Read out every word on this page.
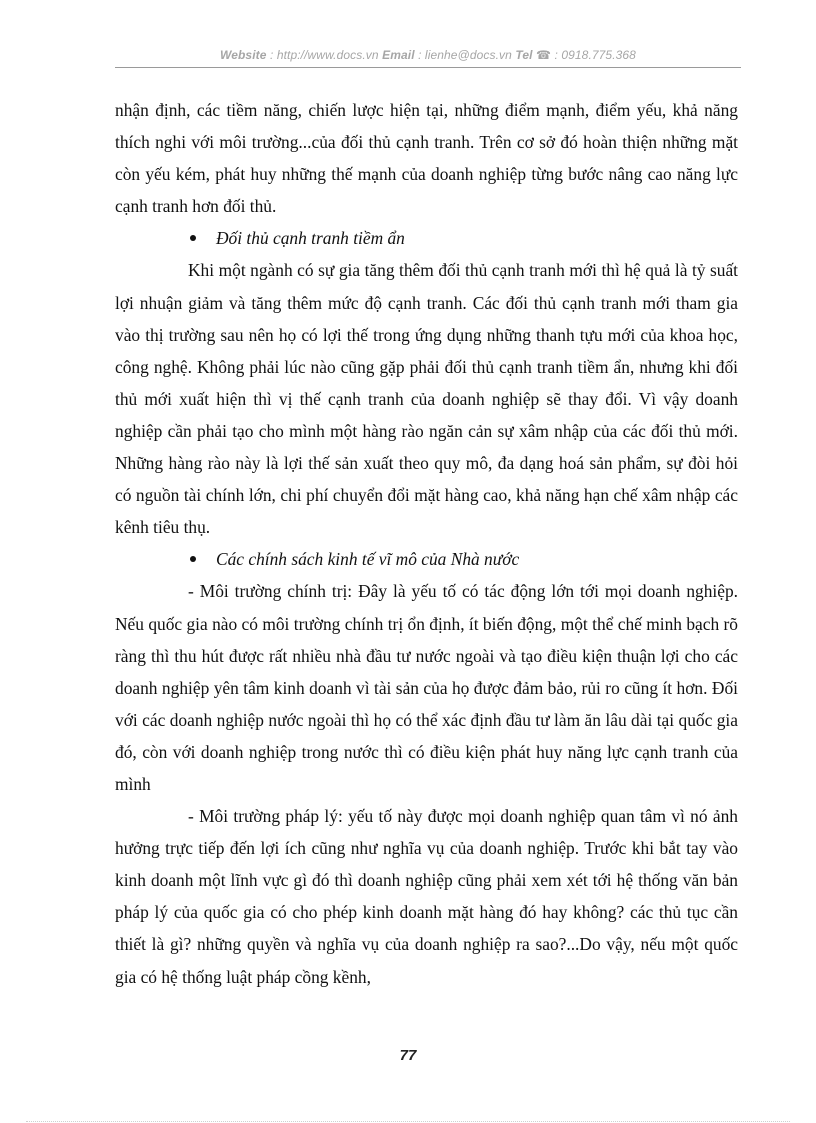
Website : http://www.docs.vn Email : lienhe@docs.vn Tel ☎ : 0918.775.368

nhận định, các tiềm năng, chiến lược hiện tại, những điểm mạnh, điểm yếu, khả năng thích nghi với môi trường...của đối thủ cạnh tranh. Trên cơ sở đó hoàn thiện những mặt còn yếu kém, phát huy những thế mạnh của doanh nghiệp từng bước nâng cao năng lực cạnh tranh hơn đối thủ.

Đối thủ cạnh tranh tiềm ẩn

Khi một ngành có sự gia tăng thêm đối thủ cạnh tranh mới thì hệ quả là tỷ suất lợi nhuận giảm và tăng thêm mức độ cạnh tranh. Các đối thủ cạnh tranh mới tham gia vào thị trường sau nên họ có lợi thế trong ứng dụng những thanh tựu mới của khoa học, công nghệ. Không phải lúc nào cũng gặp phải đối thủ cạnh tranh tiềm ẩn, nhưng khi đối thủ mới xuất hiện thì vị thế cạnh tranh của doanh nghiệp sẽ thay đổi. Vì vậy doanh nghiệp cần phải tạo cho mình một hàng rào ngăn cản sự xâm nhập của các đối thủ mới. Những hàng rào này là lợi thế sản xuất theo quy mô, đa dạng hoá sản phẩm, sự đòi hỏi có nguồn tài chính lớn, chi phí chuyển đổi mặt hàng cao, khả năng hạn chế xâm nhập các kênh tiêu thụ.

Các chính sách kinh tế vĩ mô của Nhà nước

- Môi trường chính trị: Đây là yếu tố có tác động lớn tới mọi doanh nghiệp. Nếu quốc gia nào có môi trường chính trị ổn định, ít biến động, một thể chế minh bạch rõ ràng thì thu hút được rất nhiều nhà đầu tư nước ngoài và tạo điều kiện thuận lợi cho các doanh nghiệp yên tâm kinh doanh vì tài sản của họ được đảm bảo, rủi ro cũng ít hơn. Đối với các doanh nghiệp nước ngoài thì họ có thể xác định đầu tư làm ăn lâu dài tại quốc gia đó, còn với doanh nghiệp trong nước thì có điều kiện phát huy năng lực cạnh tranh của mình

- Môi trường pháp lý: yếu tố này được mọi doanh nghiệp quan tâm vì nó ảnh hưởng trực tiếp đến lợi ích cũng như nghĩa vụ của doanh nghiệp. Trước khi bắt tay vào kinh doanh một lĩnh vực gì đó thì doanh nghiệp cũng phải xem xét tới hệ thống văn bản pháp lý của quốc gia có cho phép kinh doanh mặt hàng đó hay không? các thủ tục cần thiết là gì? những quyền và nghĩa vụ của doanh nghiệp ra sao?...Do vậy, nếu một quốc gia có hệ thống luật pháp cồng kềnh,

77
